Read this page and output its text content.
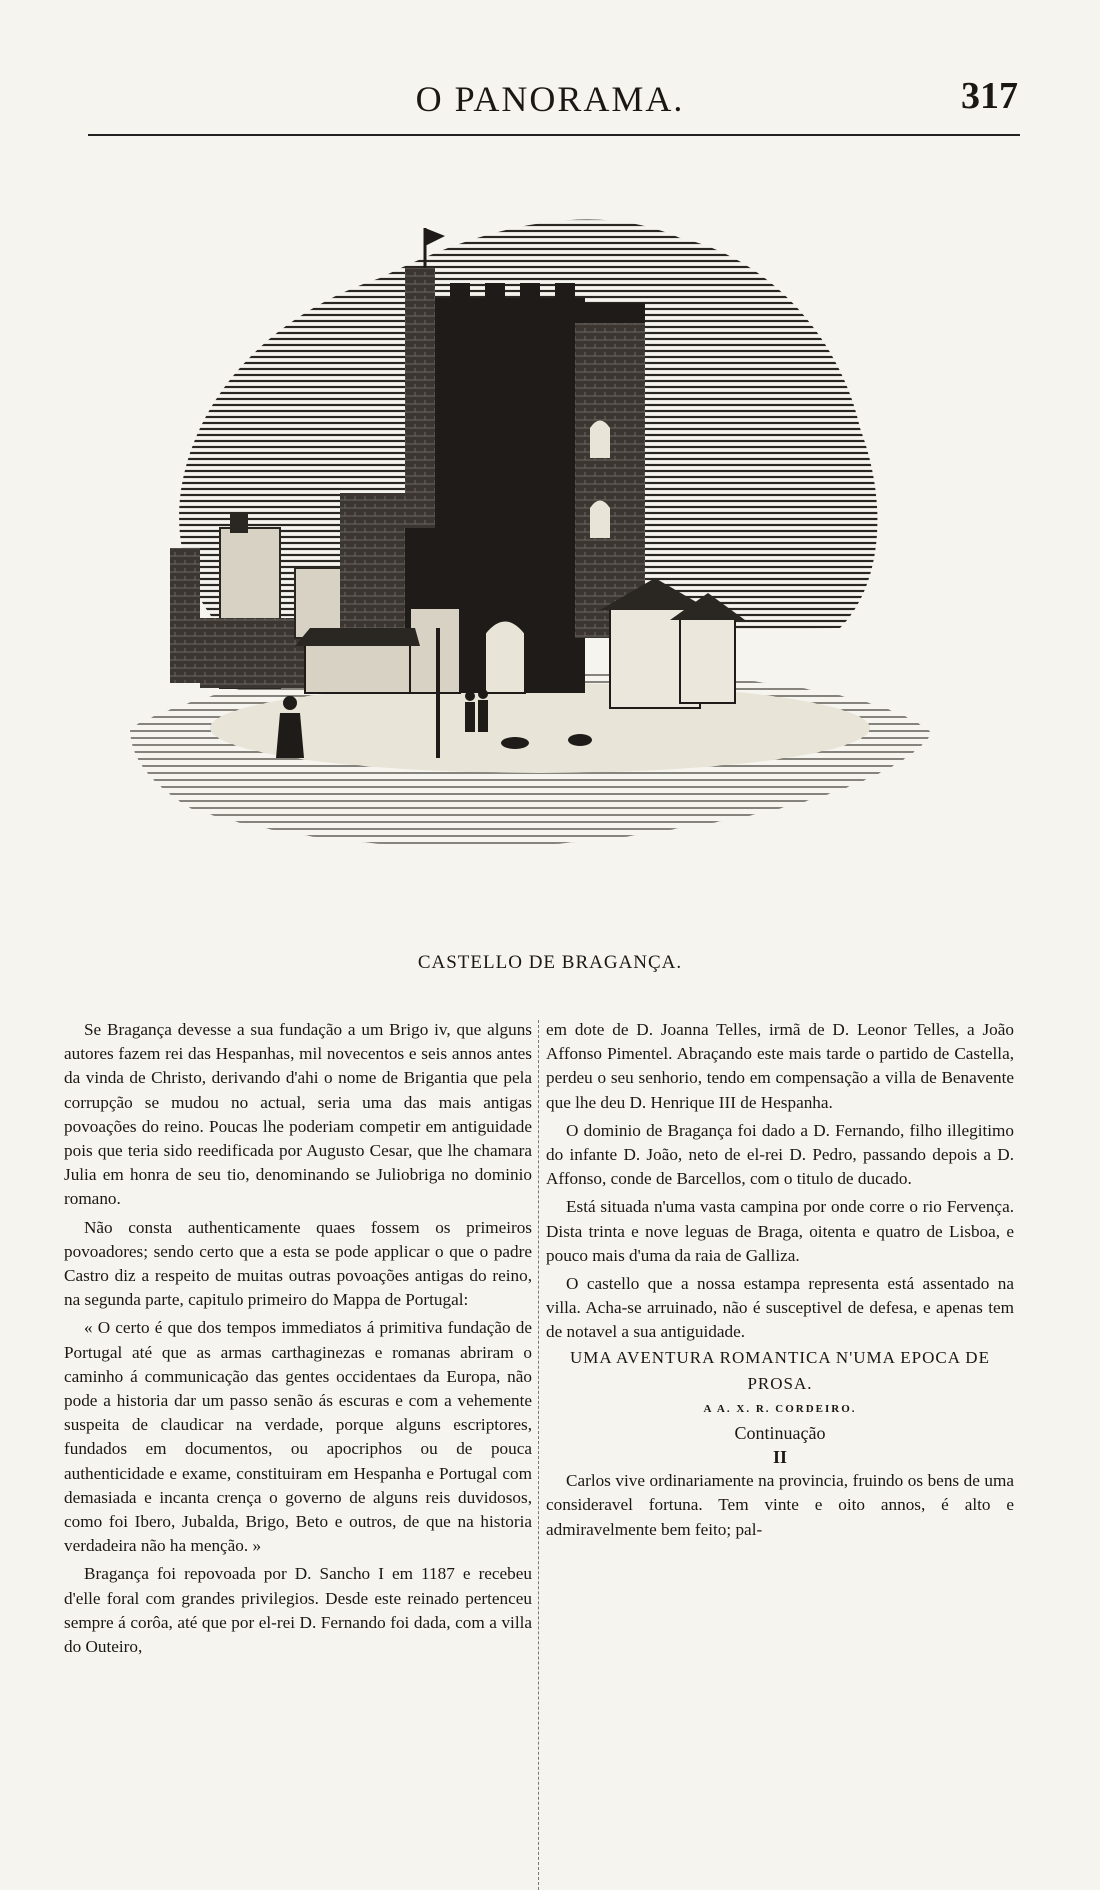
O PANORAMA.	317
CASTELLO DE BRAGANÇA.

Se Bragança devesse a sua fundação a um Brigo iv, que alguns autores fazem rei das Hespanhas, mil novecentos e seis annos antes da vinda de Christo, derivando d'ahi o nome de Brigantia que pela corrupção se mudou no actual, seria uma das mais antigas povoações do reino. Poucas lhe poderiam competir em antiguidade pois que teria sido reedificada por Augusto Cesar, que lhe chamara Julia em honra de seu tio, denominando se Juliobriga no dominio romano.

Não consta authenticamente quaes fossem os primeiros povoadores; sendo certo que a esta se pode applicar o que o padre Castro diz a respeito de muitas outras povoações antigas do reino, na segunda parte, capitulo primeiro do Mappa de Portugal:

« O certo é que dos tempos immediatos á primitiva fundação de Portugal até que as armas carthaginezas e romanas abriram o caminho á communicação das gentes occidentaes da Europa, não pode a historia dar um passo senão ás escuras e com a vehemente suspeita de claudicar na verdade, porque alguns escriptores, fundados em documentos, ou apocriphos ou de pouca authenticidade e exame, constituiram em Hespanha e Portugal com demasiada e incanta crença o governo de alguns reis duvidosos, como foi Ibero, Jubalda, Brigo, Beto e outros, de que na historia verdadeira não ha menção. »

Bragança foi repovoada por D. Sancho I em 1187 e recebeu d'elle foral com grandes privilegios. Desde este reinado pertenceu sempre á corôa, até que por el-rei D. Fernando foi dada, com a villa do Outeiro,

em dote de D. Joanna Telles, irmã de D. Leonor Telles, a João Affonso Pimentel. Abraçando este mais tarde o partido de Castella, perdeu o seu senhorio, tendo em compensação a villa de Benavente que lhe deu D. Henrique III de Hespanha.

O dominio de Bragança foi dado a D. Fernando, filho illegitimo do infante D. João, neto de el-rei D. Pedro, passando depois a D. Affonso, conde de Barcellos, com o titulo de ducado.

Está situada n'uma vasta campina por onde corre o rio Fervença. Dista trinta e nove leguas de Braga, oitenta e quatro de Lisboa, e pouco mais d'uma da raia de Galliza.

O castello que a nossa estampa representa está assentado na villa. Acha-se arruinado, não é susceptivel de defesa, e apenas tem de notavel a sua antiguidade.

UMA AVENTURA ROMANTICA N'UMA EPOCA DE PROSA.

A A. X. R. CORDEIRO.

Continuação

II

Carlos vive ordinariamente na provincia, fruindo os bens de uma consideravel fortuna. Tem vinte e oito annos, é alto e admiravelmente bem feito; pal-
